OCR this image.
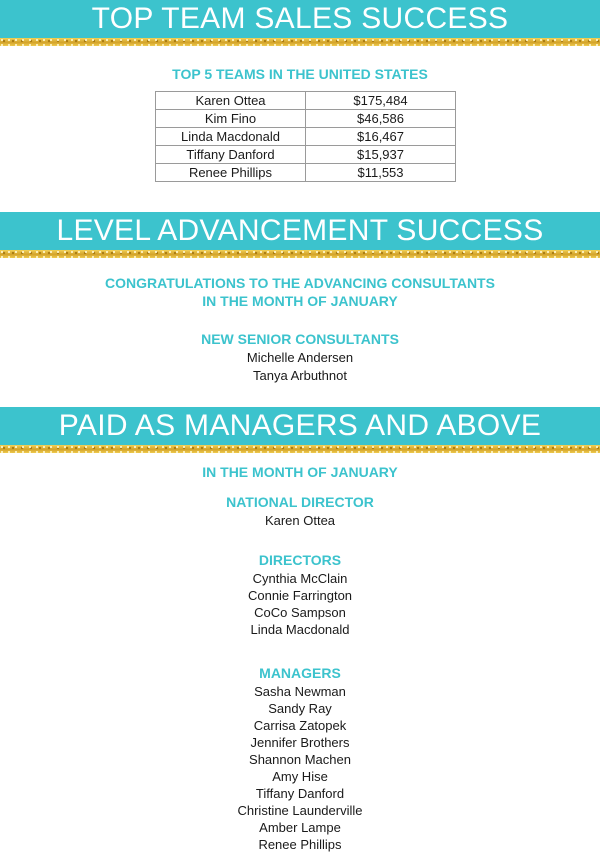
TOP TEAM SALES SUCCESS
TOP 5 TEAMS IN THE UNITED STATES
Karen Ottea	$175,484
Kim Fino	$46,586
Linda Macdonald	$16,467
Tiffany Danford	$15,937
Renee Phillips	$11,553
LEVEL ADVANCEMENT SUCCESS
CONGRATULATIONS TO THE ADVANCING CONSULTANTS
IN THE MONTH OF JANUARY
NEW SENIOR CONSULTANTS
Michelle Andersen
Tanya Arbuthnot
PAID AS MANAGERS AND ABOVE
IN THE MONTH OF JANUARY
NATIONAL DIRECTOR
Karen Ottea
DIRECTORS
Cynthia McClain
Connie Farrington
CoCo Sampson
Linda Macdonald
MANAGERS
Sasha Newman
Sandy Ray
Carrisa Zatopek
Jennifer Brothers
Shannon Machen
Amy Hise
Tiffany Danford
Christine Launderville
Amber Lampe
Renee Phillips
